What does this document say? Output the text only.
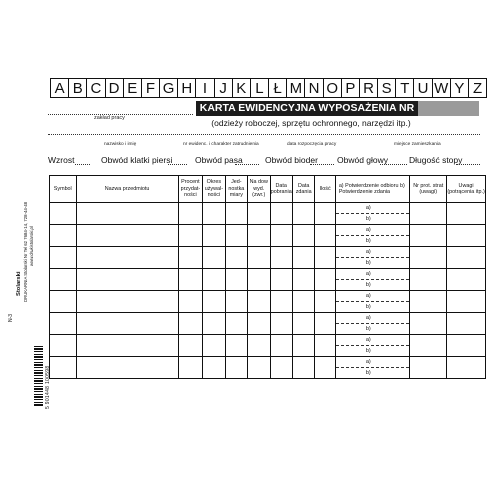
A B C D E F G H I J K L Ł M N O P R S T U W Y Z
zakład pracy
KARTA EWIDENCYJNA WYPOSAŻENIA NR
(odzieży roboczej, sprzętu ochronnego, narzędzi itp.)
nazwisko i imię	nr ewidenc. i charakter zatrudnienia	data rozpoczęcia pracy	miejsce zamieszkania
Wzrost	Obwód klatki piersi	Obwód pasa	Obwód bioder Obwód głowy Długość stopy
Symbol	Nazwa przedmiotu	Procent przydat-ności	Okres używal-ności	Jed-nostka miary	Na dow wyd. (zwr.)	Data pobrania	Data zdania	Ilość	a) Potwierdzenie odbioru b) Potwierdzenie zdania	Nr prot. strat (uwagi)	Uwagi (potrącenia itp.)

									a)
b)		

									a)
b)		

									a)
b)		

									a)
b)		

									a)
b)		

									a)
b)		

									a)
b)		

									a)
b)		

N-3
Stolarski DRUKARNIA Stolarski Nr Tel 62 7684-14, 728-44-48 www.drukistolarski.pl
5 901448 100598
